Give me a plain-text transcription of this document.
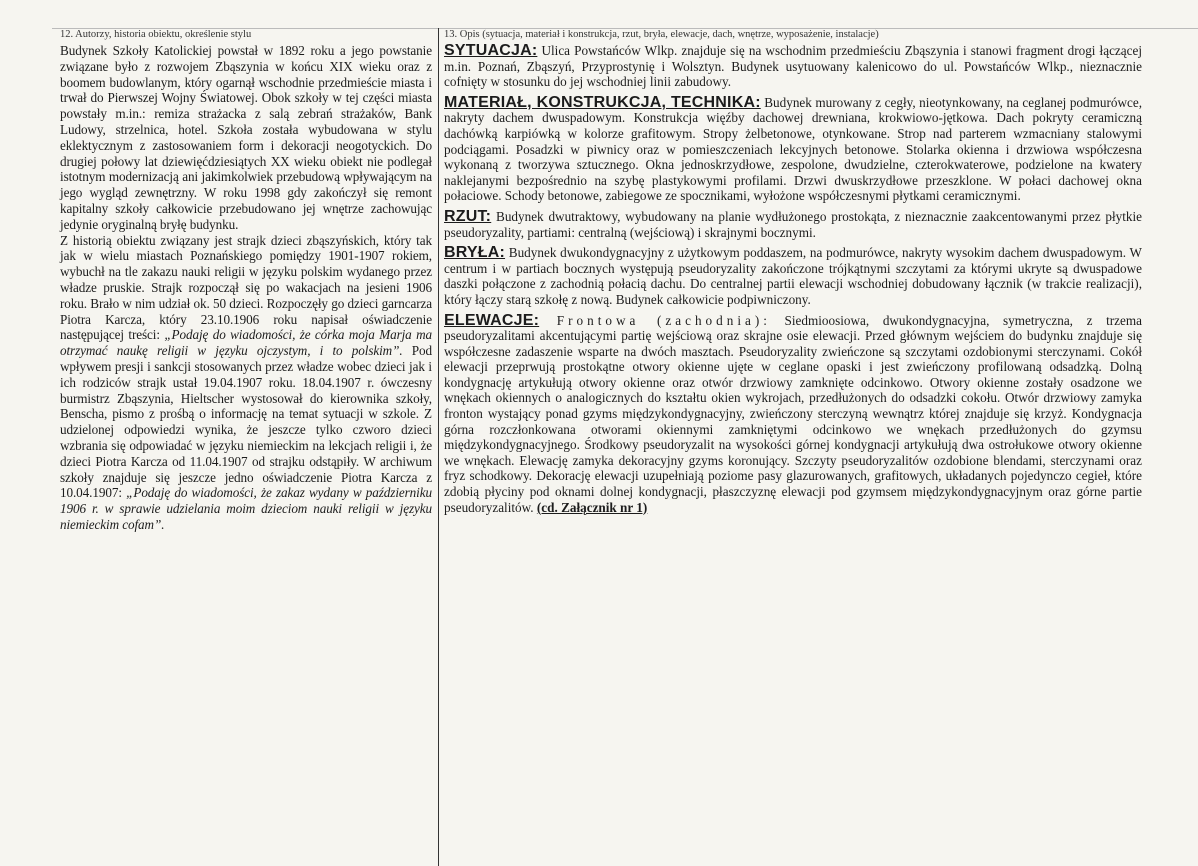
12. Autorzy, historia obiektu, określenie stylu

Budynek Szkoły Katolickiej powstał w 1892 roku a jego powstanie związane było z rozwojem Zbąszynia w końcu XIX wieku oraz z boomem budowlanym, który ogarnął wschodnie przedmieście miasta i trwał do Pierwszej Wojny Światowej. Obok szkoły w tej części miasta powstały m.in.: remiza strażacka z salą zebrań strażaków, Bank Ludowy, strzelnica, hotel. Szkoła została wybudowana w stylu eklektycznym z zastosowaniem form i dekoracji neogotyckich. Do drugiej połowy lat dziewięćdziesiątych XX wieku obiekt nie podlegał istotnym modernizacją ani jakimkolwiek przebudową wpływającym na jego wygląd zewnętrzny. W roku 1998 gdy zakończył się remont kapitalny szkoły całkowicie przebudowano jej wnętrze zachowując jedynie oryginalną bryłę budynku.

Z historią obiektu związany jest strajk dzieci zbąszyńskich, który tak jak w wielu miastach Poznańskiego pomiędzy 1901-1907 rokiem, wybuchł na tle zakazu nauki religii w języku polskim wydanego przez władze pruskie. Strajk rozpoczął się po wakacjach na jesieni 1906 roku. Brało w nim udział ok. 50 dzieci. Rozpoczęły go dzieci garncarza Piotra Karcza, który 23.10.1906 roku napisał oświadczenie następującej treści: „Podaję do wiadomości, że córka moja Marja ma otrzymać naukę religii w języku ojczystym, i to polskim”. Pod wpływem presji i sankcji stosowanych przez władze wobec dzieci jak i ich rodziców strajk ustał 19.04.1907 roku. 18.04.1907 r. ówczesny burmistrz Zbąszynia, Hieltscher wystosował do kierownika szkoły, Benscha, pismo z prośbą o informację na temat sytuacji w szkole. Z udzielonej odpowiedzi wynika, że jeszcze tylko czworo dzieci wzbrania się odpowiadać w języku niemieckim na lekcjach religii i, że dzieci Piotra Karcza od 11.04.1907 od strajku odstąpiły. W archiwum szkoły znajduje się jeszcze jedno oświadczenie Piotra Karcza z 10.04.1907: „Podaję do wiadomości, że zakaz wydany w październiku 1906 r. w sprawie udzielania moim dzieciom nauki religii w języku niemieckim cofam”.

13. Opis (sytuacja, materiał i konstrukcja, rzut, bryła, elewacje, dach, wnętrze, wyposażenie, instalacje)

SYTUACJA: Ulica Powstańców Wlkp. znajduje się na wschodnim przedmieściu Zbąszynia i stanowi fragment drogi łączącej m.in. Poznań, Zbąszyń, Przyprostynię i Wolsztyn. Budynek usytuowany kalenicowo do ul. Powstańców Wlkp., nieznacznie cofnięty w stosunku do jej wschodniej linii zabudowy.

MATERIAŁ, KONSTRUKCJA, TECHNIKA: Budynek murowany z cegły, nieotynkowany, na ceglanej podmurówce, nakryty dachem dwuspadowym. Konstrukcja więźby dachowej drewniana, krokwiowo-jętkowa. Dach pokryty ceramiczną dachówką karpiówką w kolorze grafitowym. Stropy żelbetonowe, otynkowane. Strop nad parterem wzmacniany stalowymi podciągami. Posadzki w piwnicy oraz w pomieszczeniach lekcyjnych betonowe. Stolarka okienna i drzwiowa współczesna wykonaną z tworzywa sztucznego. Okna jednoskrzydłowe, zespolone, dwudzielne, czterokwaterowe, podzielone na kwatery naklejanymi bezpośrednio na szybę plastykowymi profilami. Drzwi dwuskrzydłowe przeszklone. W połaci dachowej okna połaciowe. Schody betonowe, zabiegowe ze spocznikami, wyłożone współczesnymi płytkami ceramicznymi.

RZUT: Budynek dwutraktowy, wybudowany na planie wydłużonego prostokąta, z nieznacznie zaakcentowanymi przez płytkie pseudoryzality, partiami: centralną (wejściową) i skrajnymi bocznymi.

BRYŁA: Budynek dwukondygnacyjny z użytkowym poddaszem, na podmurówce, nakryty wysokim dachem dwuspadowym. W centrum i w partiach bocznych występują pseudoryzality zakończone trójkątnymi szczytami za którymi ukryte są dwuspadowe daszki połączone z zachodnią połacią dachu. Do centralnej partii elewacji wschodniej dobudowany łącznik (w trakcie realizacji), który łączy starą szkołę z nową. Budynek całkowicie podpiwniczony.

ELEWACJE: Frontowa (zachodnia): Siedmioosiowa, dwukondygnacyjna, symetryczna, z trzema pseudoryzalitami akcentującymi partię wejściową oraz skrajne osie elewacji. Przed głównym wejściem do budynku znajduje się współczesne zadaszenie wsparte na dwóch masztach. Pseudoryzality zwieńczone są szczytami ozdobionymi sterczynami. Cokół elewacji przeprwują prostokątne otwory okienne ujęte w ceglane opaski i jest zwieńczony profilowaną odsadzką. Dolną kondygnację artykułują otwory okienne oraz otwór drzwiowy zamknięte odcinkowo. Otwory okienne zostały osadzone we wnękach okiennych o analogicznych do kształtu okien wykrojach, przedłużonych do odsadzki cokołu. Otwór drzwiowy zamyka fronton wystający ponad gzyms międzykondygnacyjny, zwieńczony sterczyną wewnątrz której znajduje się krzyż. Kondygnacja górna rozczłonkowana otworami okiennymi zamkniętymi odcinkowo we wnękach przedłużonych do gzymsu międzykondygnacyjnego. Środkowy pseudoryzalit na wysokości górnej kondygnacji artykułują dwa ostrołukowe otwory okienne we wnękach. Elewację zamyka dekoracyjny gzyms koronujący. Szczyty pseudoryzalitów ozdobione blendami, sterczynami oraz fryz schodkowy. Dekorację elewacji uzupełniają poziome pasy glazurowanych, grafitowych, układanych pojedynczo cegieł, które zdobią płyciny pod oknami dolnej kondygnacji, płaszczyznę elewacji pod gzymsem międzykondygnacyjnym oraz górne partie pseudoryzalitów. (cd. Załącznik nr 1)
